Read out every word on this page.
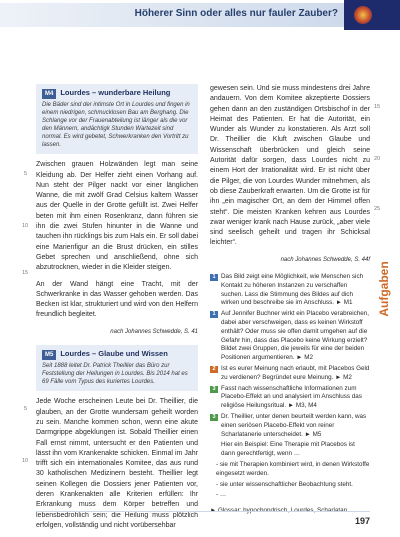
Höherer Sinn oder alles nur fauler Zauber?
M4 Lourdes – wunderbare Heilung
Die Bäder sind der intimste Ort in Lourdes und fingen in einem niedrigen, schmucklosen Bau am Berghang. Die Schlange vor der Frauenabteilung ist länger als die vor den Männern, andächtigk Stunden Wartezeit sind normal. Es wird gebetet, Schwerkranken den Vortritt zu lassen.

Zwischen grauen Holzwänden legt man seine Kleidung ab. Der Helfer zieht einen Vorhang auf. Nun steht der Pilger nackt vor einer länglichen Wanne, die mit zwölf Grad Celsius kaltem Wasser aus der Quelle in der Grotte gefüllt ist. Zwei Helfer beten mit ihm einen Rosenkranz, dann führen sie ihn die zwei Stufen hinunter in die Wanne und tauchen ihn rücklings bis zum Hals ein. Er soll dabei eine Marienfigur an die Brust drücken, ein stilles Gebet sprechen und anschließend, ohne sich abzutrocknen, wieder in die Kleider steigen.

An der Wand hängt eine Tracht, mit der Schwerkranke in das Wasser gehoben werden. Das Becken ist klar, strukturiert und wird von den Helfern freundlich begleitet.

nach Johannes Schwedde, S. 41
M5 Lourdes – Glaube und Wissen
Seit 1888 leitet Dr. Patrick Theillier das Büro zur Feststellung der Heilungen in Lourdes. Bis 2014 hat es 69 Fälle vom Typus des kuriertes Lourdes.

Jede Woche erscheinen Leute bei Dr. Theillier, die glauben, an der Grotte wundersam geheilt worden zu sein. Manche kommen schon, wenn eine akute Darmgrippe abgeklungen ist. Sobald Theillier einen Fall ernst nimmt, untersucht er den Patienten und lässt ihn vom Krankenakte schicken. Einmal im Jahr trifft sich ein internationales Komitee, das aus rund 30 katholischen Medizinern besteht. Theillier legt seinen Kollegen die Dossiers jener Patienten vor, deren Krankenakten alle Kriterien erfüllen: Ihr Erkrankung muss dem Körper betreffen und lebensbedrohlich sein; die Heilung muss plötzlich erfolgen, vollständig und nicht vorübersehbar

5
10
15
5
10

gewesen sein. Und sie muss mindestens drei Jahre andauern. Von dem Komitee akzeptierte Dossiers gehen dann an den zuständigen Ortsbischof in der Heimat des Patienten. Er hat die Autorität, ein Wunder als Wunder zu konstatieren. Als Arzt soll Dr. Theillier die Kluft zwischen Glaube und Wissenschaft überbrücken und gleich seine Autorität dafür sorgen, dass Lourdes nicht zu einem Hort der Irrationalität wird. Er ist nicht über die Pilger, die von Lourdes Wunder mitnehmen, als ob diese Zauberkraft erwarten. Um die Grotte ist für ihn „ein magischer Ort, an dem der Himmel offen steht“. Die meisten Kranken kehren aus Lourdes zwar weniger krank nach Hause zurück, „aber viele sind seelisch geheilt und tragen ihr Schicksal leichter“.

nach Johannes Schwedde, S. 44f
1 Das Bild zeigt eine Möglichkeit, wie Menschen sich Kontakt zu höheren Instanzen zu verschaffen suchen. Lass die Stimmung des Bildes auf dich wirken und beschreibe sie im Anschluss. ► M1
1 Auf Jennifer Buchner wirkt ein Placebo verabreichen, dabei aber verschweigen, dass es keinen Wirkstoff enthält? Oder muss sie offen damit umgehen auf die Gefahr hin, dass das Placebo keine Wirkung erzielt? Bildet zwei Gruppen, die jeweils für eine der beiden Positionen argumentieren. ► M2
2 Ist es eurer Meinung nach erlaubt, mit Placebos Geld zu verdienen? Begründet eure Meinung. ► M2
3 Fasst nach wissenschaftliche Informationen zum Placebo-Effekt an und analysiert im Anschluss das religiöse Heilungsritual. ► M3, M4
3 Dr. Theillier, unter denen beurteilt werden kann, was einen seriösen Placebo-Effekt von reiner Scharlatanerie unterscheidet. ► M5
Hier ein Beispiel: Eine Therapie mit Placebos ist dann gerechtfertigt, wenn …
- sie mit Therapien kombiniert wird, in denen Wirkstoffe eingesetzt werden.
- sie unter wissenschaftlicher Beobachtung steht.
- …
15
20
25
Aufgaben
197
